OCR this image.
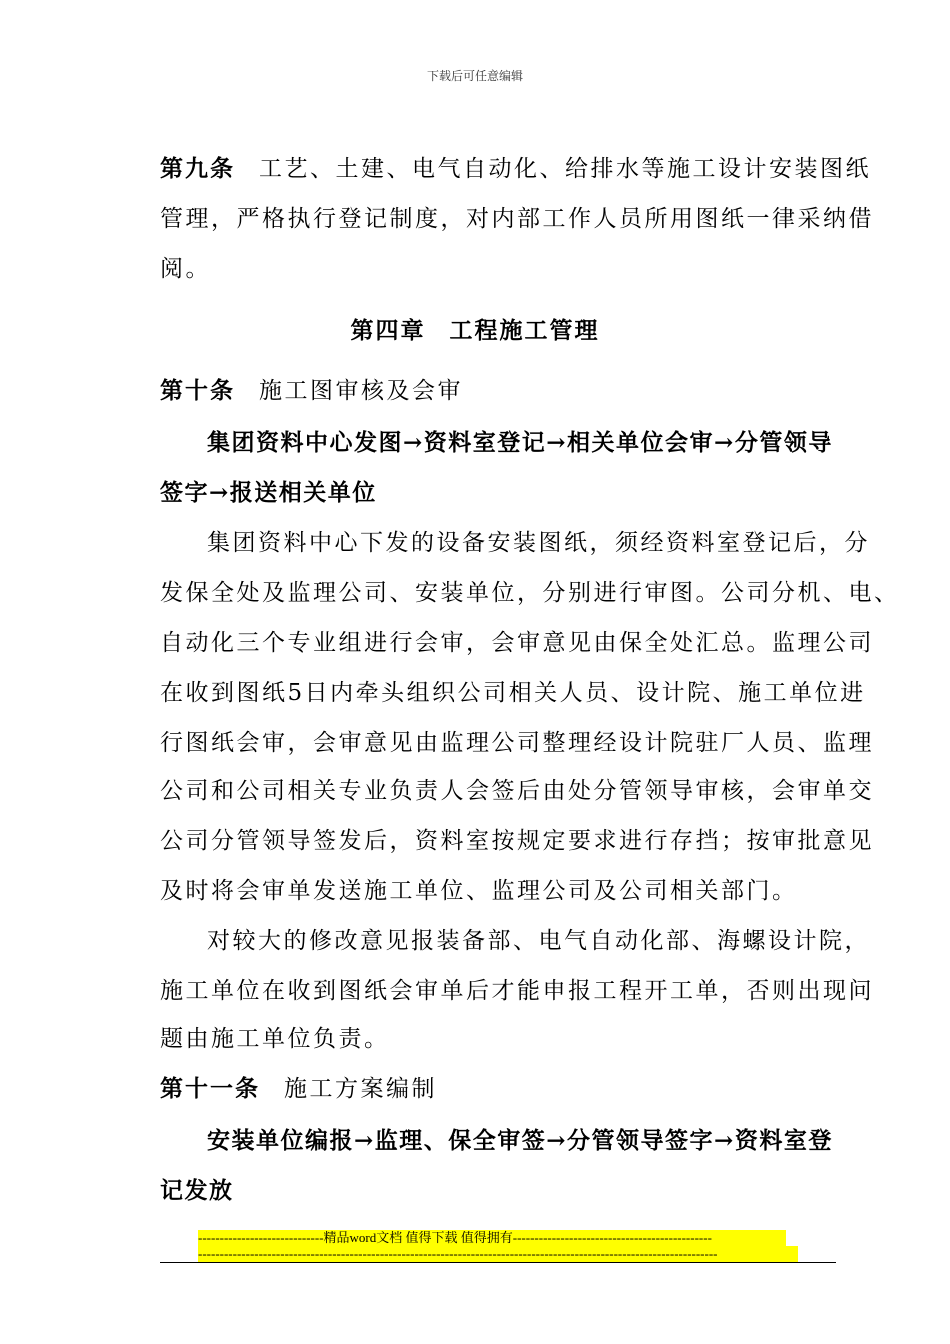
下载后可任意编辑
第九条 工艺、土建、电气自动化、给排水等施工设计安装图纸
管理，严格执行登记制度，对内部工作人员所用图纸一律采纳借
阅。
第四章 工程施工管理
第十条 施工图审核及会审
集团资料中心发图→资料室登记→相关单位会审→分管领导
签字→报送相关单位
集团资料中心下发的设备安装图纸，须经资料室登记后，分
发保全处及监理公司、安装单位，分别进行审图。公司分机、电、
自动化三个专业组进行会审，会审意见由保全处汇总。监理公司
在收到图纸5日内牵头组织公司相关人员、设计院、施工单位进
行图纸会审，会审意见由监理公司整理经设计院驻厂人员、监理
公司和公司相关专业负责人会签后由处分管领导审核，会审单交
公司分管领导签发后，资料室按规定要求进行存挡；按审批意见
及时将会审单发送施工单位、监理公司及公司相关部门。
对较大的修改意见报装备部、电气自动化部、海螺设计院，
施工单位在收到图纸会审单后才能申报工程开工单，否则出现问
题由施工单位负责。
第十一条 施工方案编制
安装单位编报→监理、保全审签→分管领导签字→资料室登
记发放
-----------------------------精品word文档 值得下载 值得拥有----------------------------------------------
------------------------------------------------------------------------------------------------------------------------
